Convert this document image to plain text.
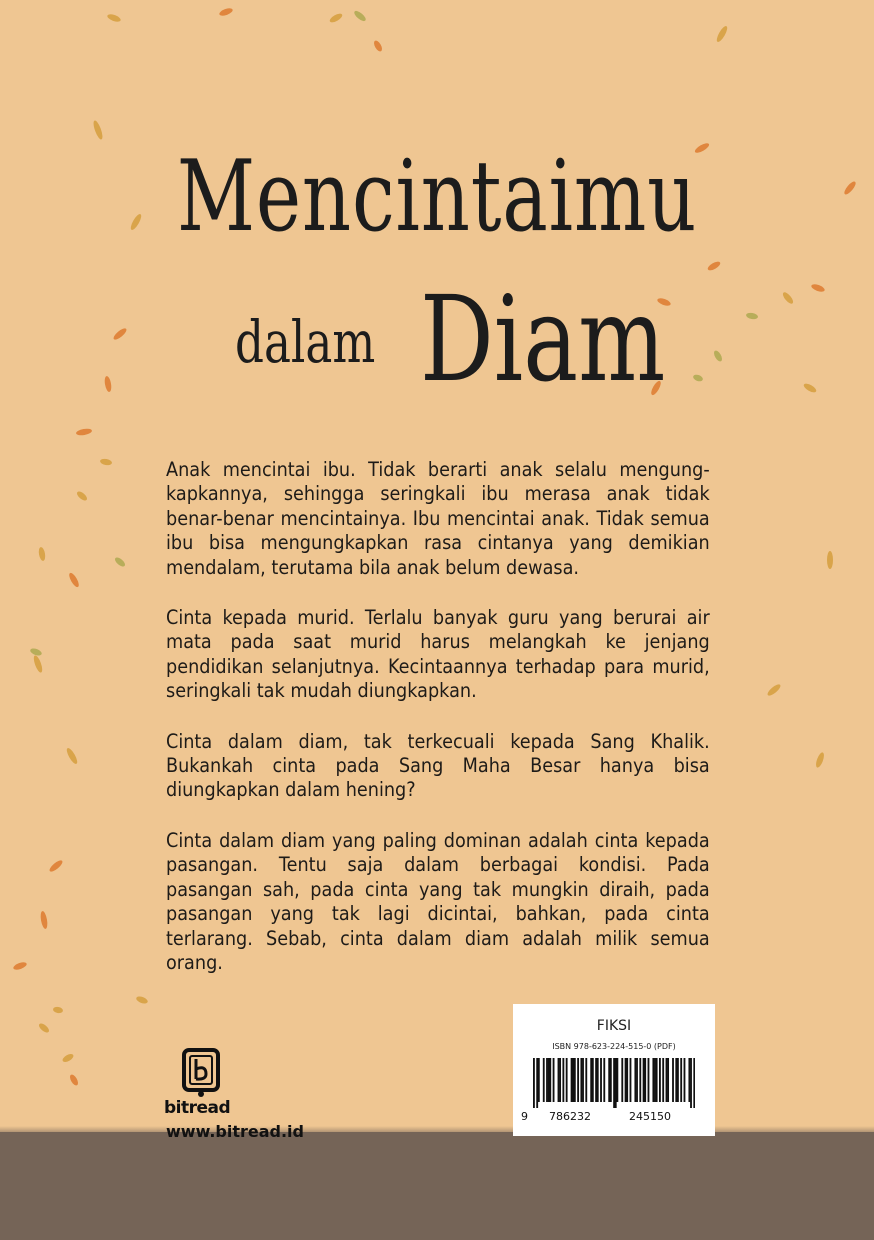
Mencintaimu
dalam Diam

Anak mencintai ibu. Tidak berarti anak selalu mengung-kapkannya, sehingga seringkali ibu merasa anak tidak benar-benar mencintainya. Ibu mencintai anak. Tidak semua ibu bisa mengungkapkan rasa cintanya yang demikian mendalam, terutama bila anak belum dewasa.

Cinta kepada murid. Terlalu banyak guru yang berurai air mata pada saat murid harus melangkah ke jenjang pendidikan selanjutnya. Kecintaannya terhadap para murid, seringkali tak mudah diungkapkan.

Cinta dalam diam, tak terkecuali kepada Sang Khalik. Bukankah cinta pada Sang Maha Besar hanya bisa diungkapkan dalam hening?

Cinta dalam diam yang paling dominan adalah cinta kepada pasangan. Tentu saja dalam berbagai kondisi. Pada pasangan sah, pada cinta yang tak mungkin diraih, pada pasangan yang tak lagi dicintai, bahkan, pada cinta terlarang. Sebab, cinta dalam diam adalah milik semua orang.

FIKSI
ISBN 978-623-224-515-0 (PDF)
9 786232	245150
bitread
www.bitread.id
